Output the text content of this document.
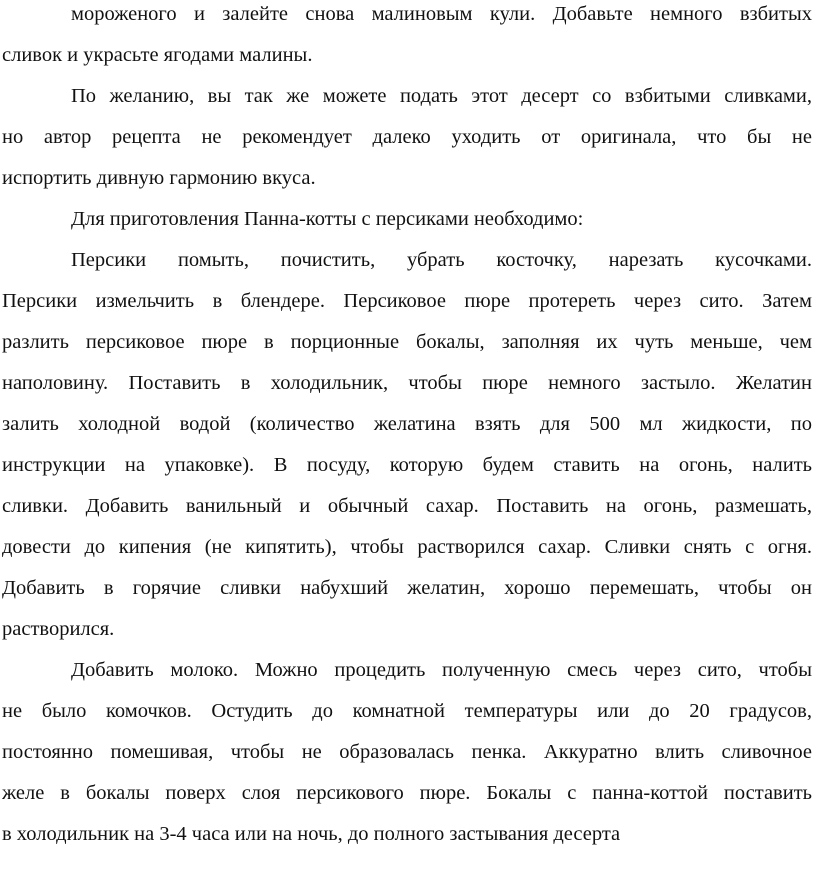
мороженого и залейте снова малиновым кули. Добавьте немного взбитых
сливок и украсьте ягодами малины.
По желанию, вы так же можете подать этот десерт со взбитыми сливками,
но автор рецепта не рекомендует далеко уходить от оригинала, что бы не
испортить дивную гармонию вкуса.
Для приготовления Панна-котты с персиками необходимо:
Персики помыть, почистить, убрать косточку, нарезать кусочками.
Персики измельчить в блендере. Персиковое пюре протереть через сито. Затем
разлить персиковое пюре в порционные бокалы, заполняя их чуть меньше, чем
наполовину. Поставить в холодильник, чтобы пюре немного застыло. Желатин
залить холодной водой (количество желатина взять для 500 мл жидкости, по
инструкции на упаковке). В посуду, которую будем ставить на огонь, налить
сливки. Добавить ванильный и обычный сахар. Поставить на огонь, размешать,
довести до кипения (не кипятить), чтобы растворился сахар. Сливки снять с огня.
Добавить в горячие сливки набухший желатин, хорошо перемешать, чтобы он
растворился.
Добавить молоко. Можно процедить полученную смесь через сито, чтобы
не было комочков. Остудить до комнатной температуры или до 20 градусов,
постоянно помешивая, чтобы не образовалась пенка. Аккуратно влить сливочное
желе в бокалы поверх слоя персикового пюре. Бокалы с панна-коттой поставить
в холодильник на 3-4 часа или на ночь, до полного застывания десерта
